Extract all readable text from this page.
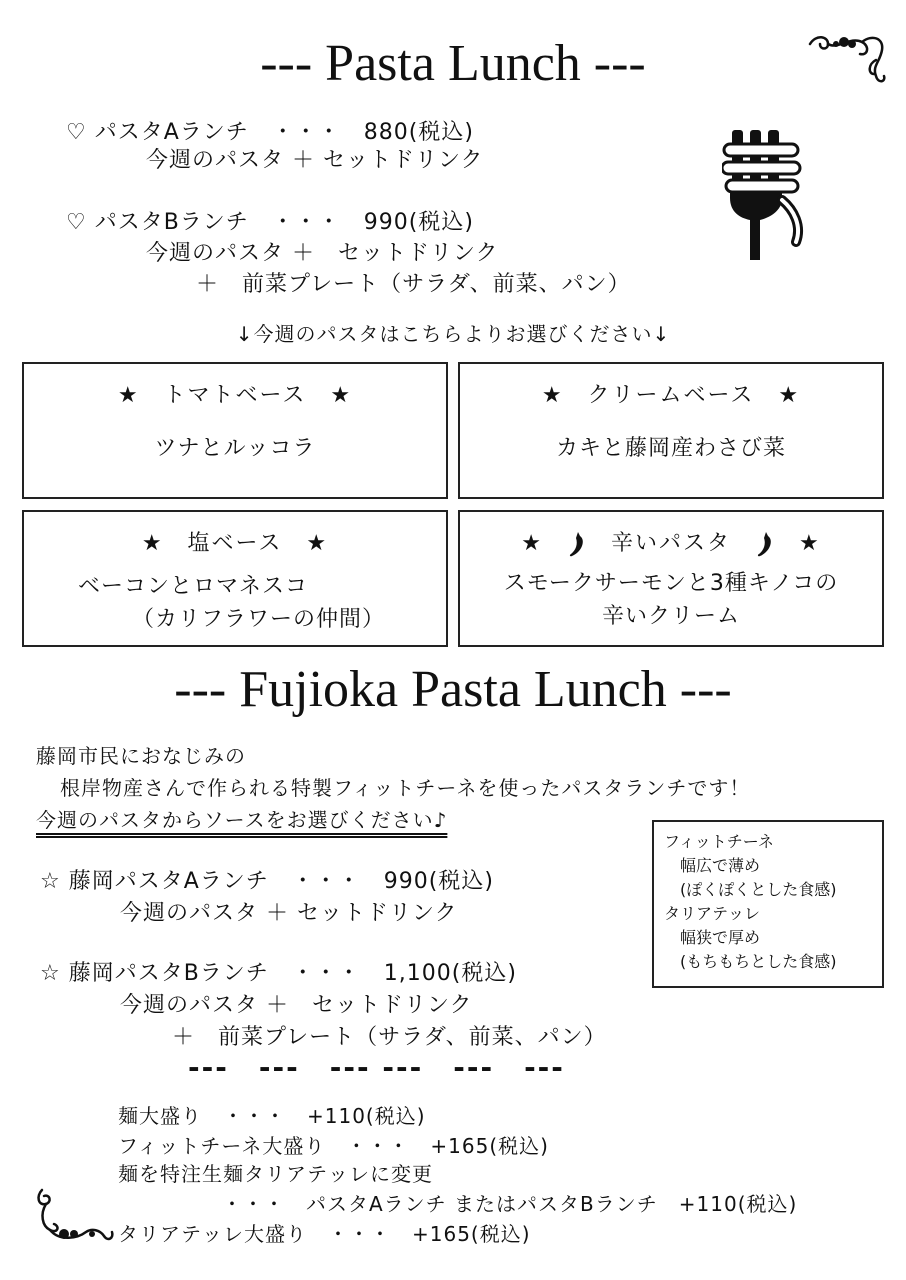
--- Pasta Lunch ---
♡ パスタAランチ　・・・　880(税込)
今週のパスタ ＋ セットドリンク
♡ パスタBランチ　・・・　990(税込)
今週のパスタ ＋　セットドリンク
＋　前菜プレート（サラダ、前菜、パン）
↓今週のパスタはこちらよりお選びください↓
★　トマトベース　★
ツナとルッコラ
★　クリームベース　★
カキと藤岡産わさび菜
★　塩ベース　★
ベーコンとロマネスコ
（カリフラワーの仲間）
★	辛いパスタ	★
スモークサーモンと3種キノコの
辛いクリーム
--- Fujioka Pasta Lunch ---
藤岡市民におなじみの
根岸物産さんで作られる特製フィットチーネを使ったパスタランチです！
今週のパスタからソースをお選びください♪
フィットチーネ
　幅広で薄め
　(ぽくぽくとした食感)
タリアテッレ
　幅狭で厚め
　(もちもちとした食感)
☆ 藤岡パスタAランチ　・・・　990(税込)
今週のパスタ ＋ セットドリンク
☆ 藤岡パスタBランチ　・・・　1,100(税込)
今週のパスタ ＋　セットドリンク
＋　前菜プレート（サラダ、前菜、パン）
---　---　--- ---　---　---
麺大盛り　・・・　+110(税込)
フィットチーネ大盛り　・・・　+165(税込)
麺を特注生麺タリアテッレに変更
・・・　パスタAランチ またはパスタBランチ　+110(税込)
タリアテッレ大盛り　・・・　+165(税込)
